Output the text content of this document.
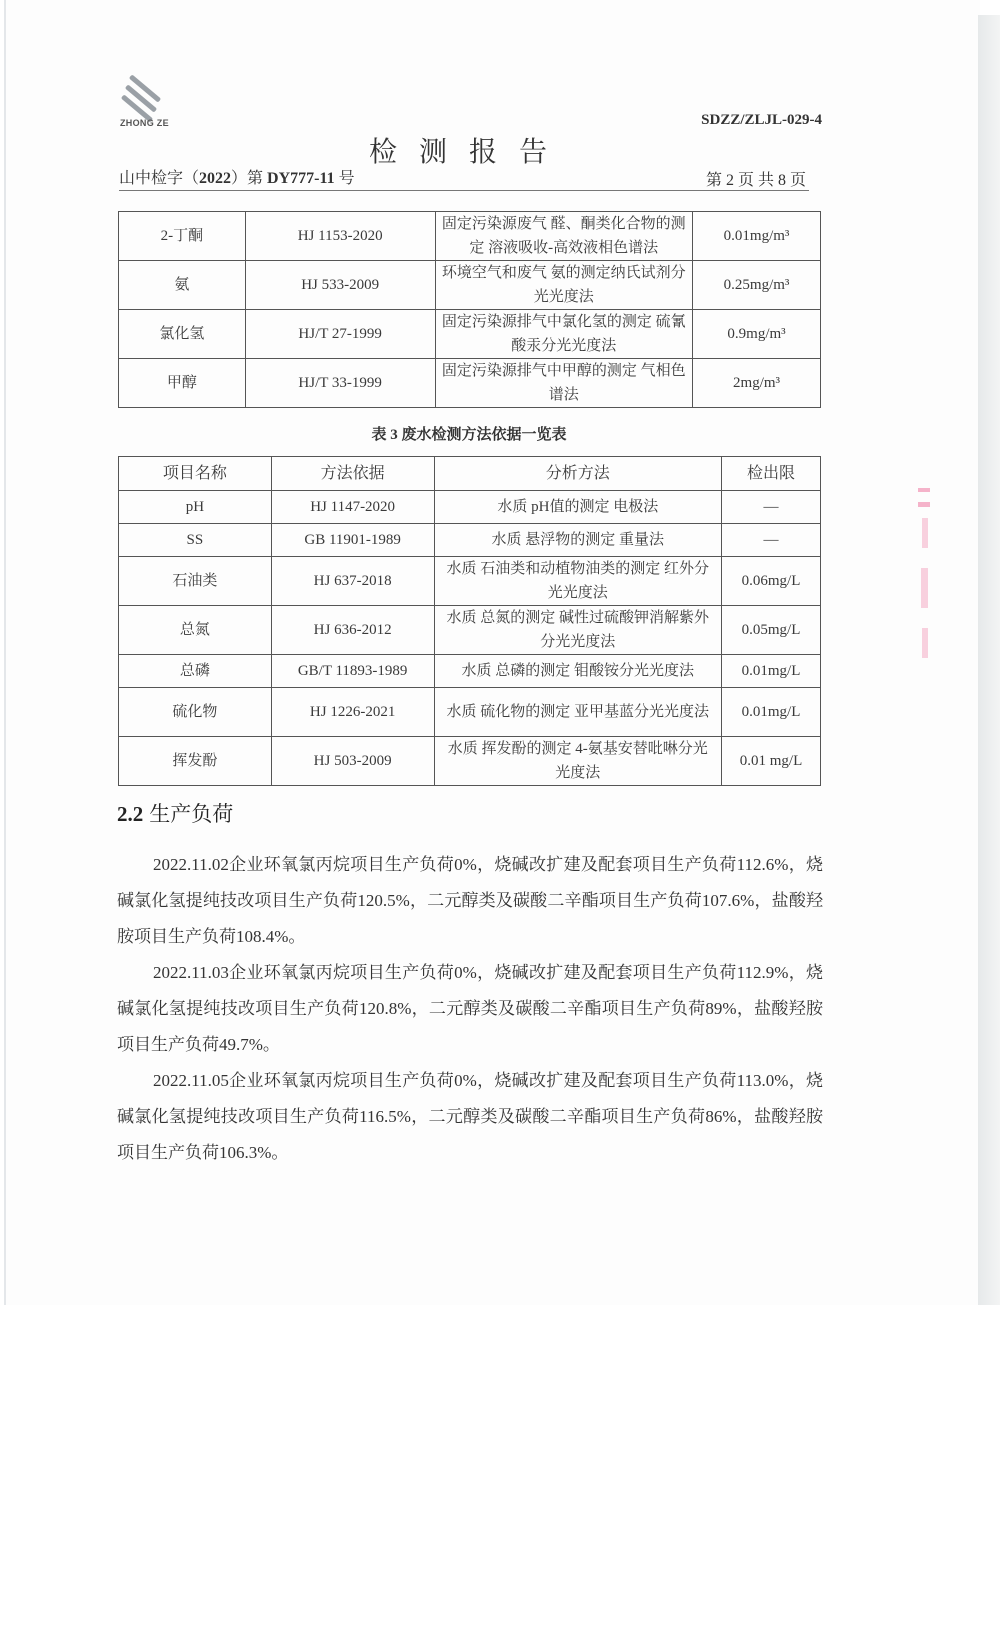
ZHONG ZE	SDZZ/ZLJL-029-4
检测报告
山中检字（2022）第 DY777-11 号	第 2 页 共 8 页
2-丁酮	HJ 1153-2020	固定污染源废气 醛、酮类化合物的测定 溶液吸收-高效液相色谱法	0.01mg/m³
氨	HJ 533-2009	环境空气和废气 氨的测定纳氏试剂分光光度法	0.25mg/m³
氯化氢	HJ/T 27-1999	固定污染源排气中氯化氢的测定 硫氰酸汞分光光度法	0.9mg/m³
甲醇	HJ/T 33-1999	固定污染源排气中甲醇的测定 气相色谱法	2mg/m³
表 3 废水检测方法依据一览表
项目名称	方法依据	分析方法	检出限
pH	HJ 1147-2020	水质 pH值的测定 电极法	—
SS	GB 11901-1989	水质 悬浮物的测定 重量法	—
石油类	HJ 637-2018	水质 石油类和动植物油类的测定 红外分光光度法	0.06mg/L
总氮	HJ 636-2012	水质 总氮的测定 碱性过硫酸钾消解紫外分光光度法	0.05mg/L
总磷	GB/T 11893-1989	水质 总磷的测定 钼酸铵分光光度法	0.01mg/L
硫化物	HJ 1226-2021	水质 硫化物的测定 亚甲基蓝分光光度法	0.01mg/L
挥发酚	HJ 503-2009	水质 挥发酚的测定 4-氨基安替吡啉分光光度法	0.01 mg/L
2.2 生产负荷

2022.11.02企业环氧氯丙烷项目生产负荷0%，烧碱改扩建及配套项目生产负荷112.6%，烧碱氯化氢提纯技改项目生产负荷120.5%，二元醇类及碳酸二辛酯项目生产负荷107.6%，盐酸羟胺项目生产负荷108.4%。

2022.11.03企业环氧氯丙烷项目生产负荷0%，烧碱改扩建及配套项目生产负荷112.9%，烧碱氯化氢提纯技改项目生产负荷120.8%，二元醇类及碳酸二辛酯项目生产负荷89%，盐酸羟胺项目生产负荷49.7%。

2022.11.05企业环氧氯丙烷项目生产负荷0%，烧碱改扩建及配套项目生产负荷113.0%，烧碱氯化氢提纯技改项目生产负荷116.5%，二元醇类及碳酸二辛酯项目生产负荷86%，盐酸羟胺项目生产负荷106.3%。
